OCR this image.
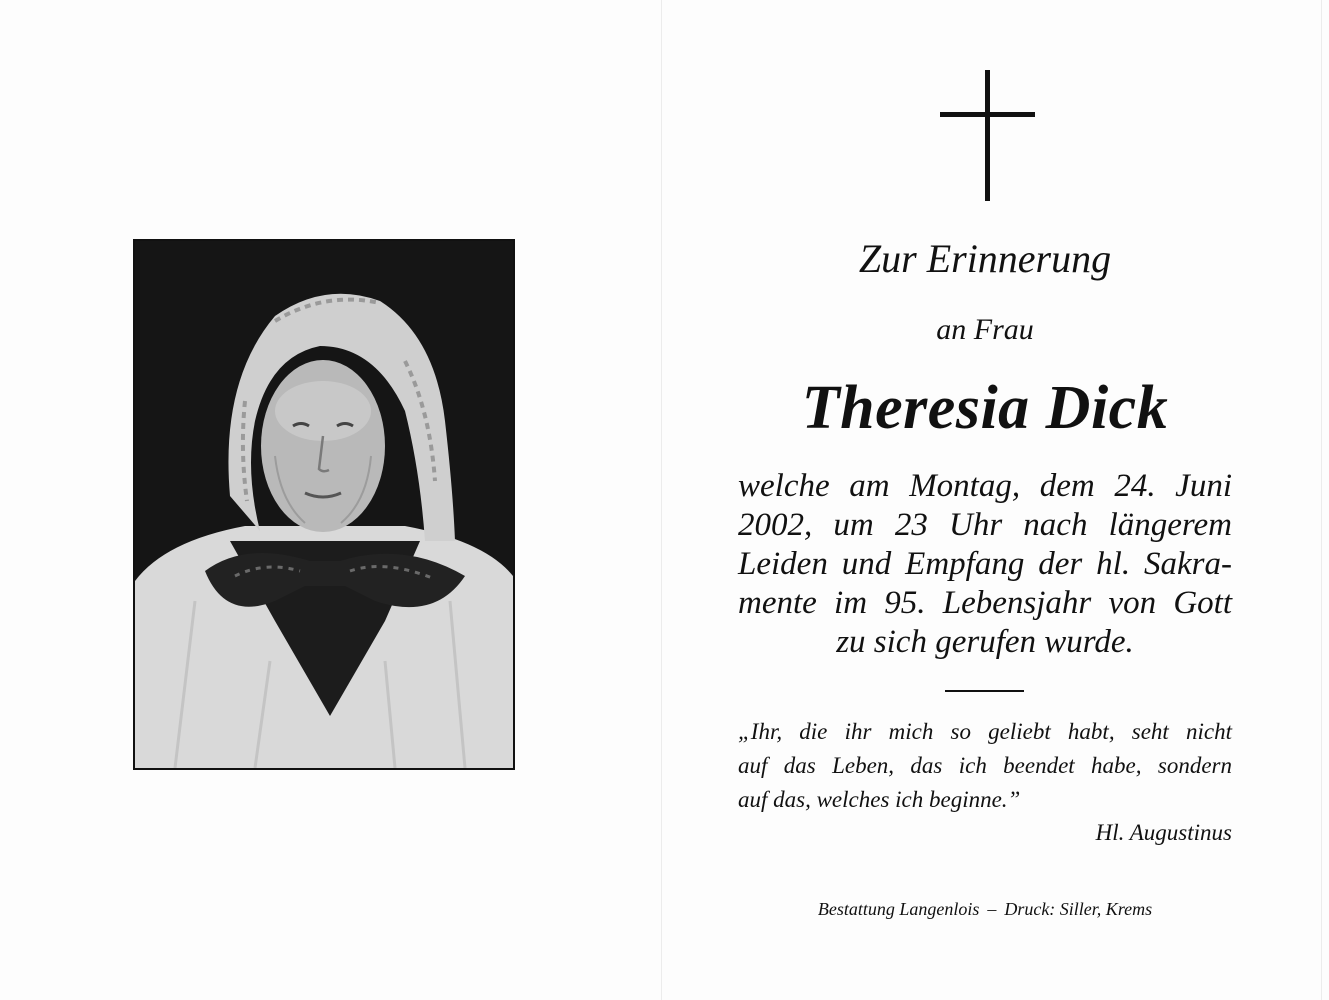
Zur Erinnerung
an Frau
Theresia Dick
welche am Montag, dem 24. Juni
2002, um 23 Uhr nach längerem
Leiden und Empfang der hl. Sakra-
mente im 95. Lebensjahr von Gott
zu sich gerufen wurde.
„Ihr, die ihr mich so geliebt habt, seht nicht
auf das Leben, das ich beendet habe, sondern
auf das, welches ich beginne.”
Hl. Augustinus
Bestattung Langenlois – Druck: Siller, Krems
